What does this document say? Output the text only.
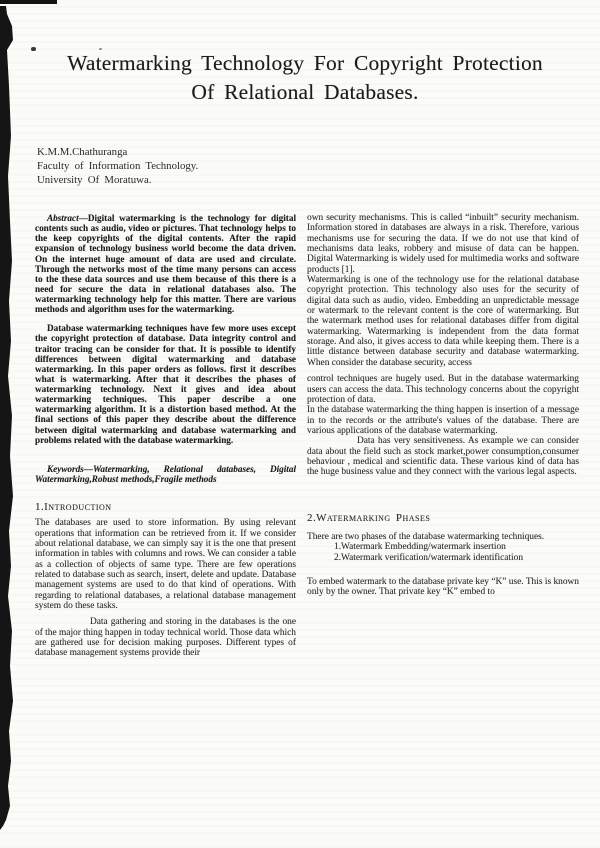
Watermarking Technology For Copyright Protection
Of Relational Databases.
K.M.M.Chathuranga
Faculty of Information Technology.
University Of Moratuwa.

Abstract—Digital watermarking is the technology for digital contents such as audio, video or pictures. That technology helps to the keep copyrights of the digital contents. After the rapid expansion of technology business world become the data driven. On the internet huge amount of data are used and circulate. Through the networks most of the time many persons can access to the these data sources and use them because of this there is a need for secure the data in relational databases also. The watermarking technology help for this matter. There are various methods and algorithm uses for the watermarking.

Database watermarking techniques have few more uses except the copyright protection of database. Data integrity control and traitor tracing can be consider for that. It is possible to identify differences between digital watermarking and database watermarking. In this paper orders as follows. first it describes what is watermarking. After that it describes the phases of watermarking technology. Next it gives and idea about watermarking techniques. This paper describe a one watermarking algorithm. It is a distortion based method. At the final sections of this paper they describe about the difference between digital watermarking and database watermarking and problems related with the database watermarking.

Keywords—Watermarking, Relational databases, Digital Watermarking,Robust methods,Fragile methods

1.Introduction

The databases are used to store information. By using relevant operations that information can be retrieved from it. If we consider about relational database, we can simply say it is the one that present information in tables with columns and rows. We can consider a table as a collection of objects of same type. There are few operations related to database such as search, insert, delete and update. Database management systems are used to do that kind of operations. With regarding to relational databases, a relational database management system do these tasks.

Data gathering and storing in the databases is the one of the major thing happen in today technical world. Those data which are gathered use for decision making purposes. Different types of database management systems provide their

own security mechanisms. This is called “inbuilt” security mechanism. Information stored in databases are always in a risk. Therefore, various mechanisms use for securing the data. If we do not use that kind of mechanisms data leaks, robbery and misuse of data can be happen. Digital Watermarking is widely used for multimedia works and software products [1].

Watermarking is one of the technology use for the relational database copyright protection. This technology also uses for the security of digital data such as audio, video. Embedding an unpredictable message or watermark to the relevant content is the core of watermarking. But the watermark method uses for relational databases differ from digital watermarking. Watermarking is independent from the data format storage. And also, it gives access to data while keeping them. There is a little distance between database security and database watermarking. When consider the database security, access

control techniques are hugely used. But in the database watermarking users can access the data. This technology concerns about the copyright protection of data.

In the database watermarking the thing happen is insertion of a message in to the records or the attribute's values of the database. There are various applications of the database watermarking.

Data has very sensitiveness. As example we can consider data about the field such as stock market,power consumption,consumer behaviour , medical and scientific data. These various kind of data has the huge business value and they connect with the various legal aspects.

2.Watermarking Phases

There are two phases of the database watermarking techniques.

1.Watermark Embedding/watermark insertion
2.Watermark verification/watermark identification

To embed watermark to the database private key “K” use. This is known only by the owner. That private key “K” embed to
